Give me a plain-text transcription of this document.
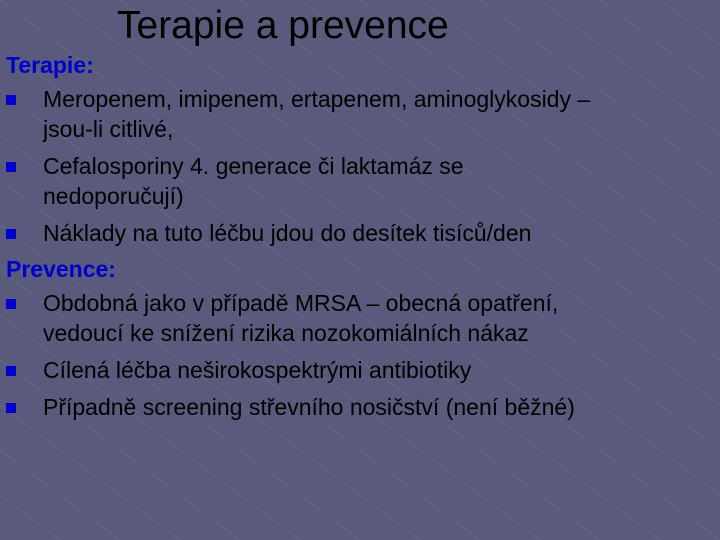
Terapie a prevence
Terapie:
Meropenem, imipenem, ertapenem, aminoglykosidy –
jsou-li citlivé,
Cefalosporiny 4. generace či laktamáz se
nedoporučují)
Náklady na tuto léčbu jdou do desítek tisíců/den
Prevence:
Obdobná jako v případě MRSA – obecná opatření,
vedoucí ke snížení rizika nozokomiálních nákaz
Cílená léčba neširokospektrými antibiotiky
Případně screening střevního nosičství (není běžné)
